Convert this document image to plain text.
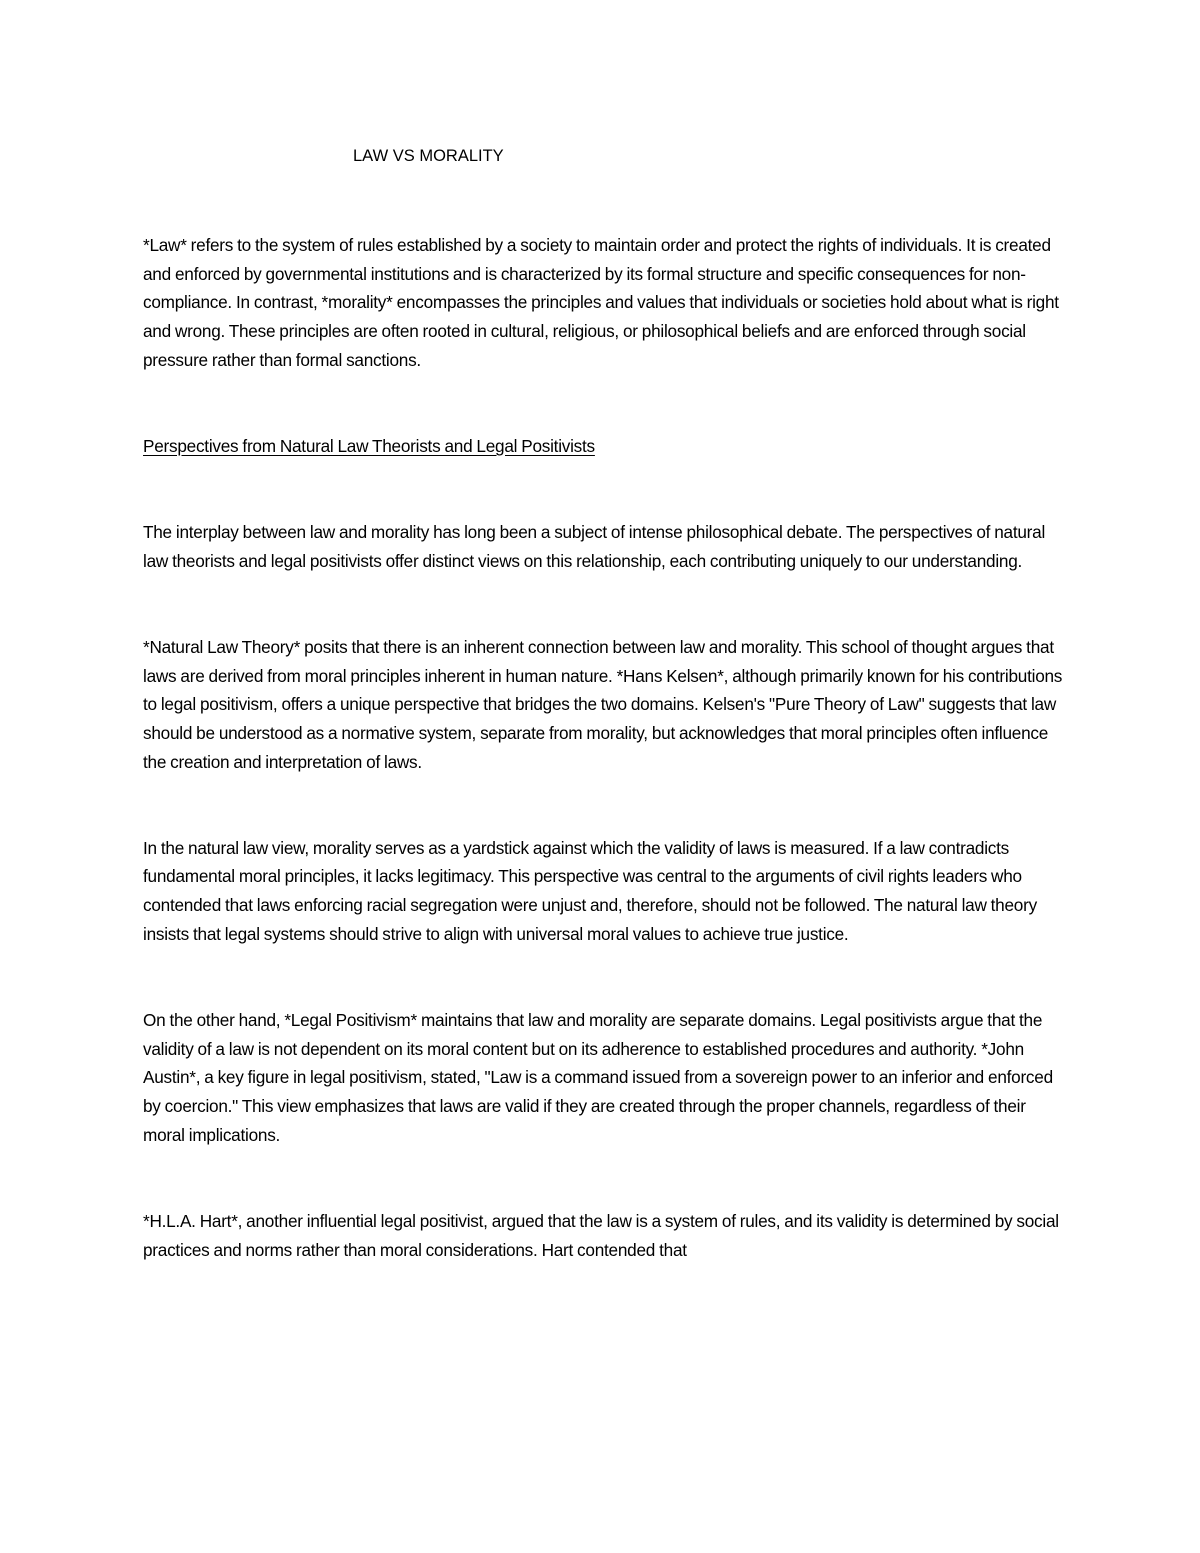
LAW VS MORALITY

*Law* refers to the system of rules established by a society to maintain order and protect the rights of individuals. It is created and enforced by governmental institutions and is characterized by its formal structure and specific consequences for non-compliance. In contrast, *morality* encompasses the principles and values that individuals or societies hold about what is right and wrong. These principles are often rooted in cultural, religious, or philosophical beliefs and are enforced through social pressure rather than formal sanctions.

Perspectives from Natural Law Theorists and Legal Positivists

The interplay between law and morality has long been a subject of intense philosophical debate. The perspectives of natural law theorists and legal positivists offer distinct views on this relationship, each contributing uniquely to our understanding.

*Natural Law Theory* posits that there is an inherent connection between law and morality. This school of thought argues that laws are derived from moral principles inherent in human nature. *Hans Kelsen*, although primarily known for his contributions to legal positivism, offers a unique perspective that bridges the two domains. Kelsen's "Pure Theory of Law" suggests that law should be understood as a normative system, separate from morality, but acknowledges that moral principles often influence the creation and interpretation of laws.

In the natural law view, morality serves as a yardstick against which the validity of laws is measured. If a law contradicts fundamental moral principles, it lacks legitimacy. This perspective was central to the arguments of civil rights leaders who contended that laws enforcing racial segregation were unjust and, therefore, should not be followed. The natural law theory insists that legal systems should strive to align with universal moral values to achieve true justice.

On the other hand, *Legal Positivism* maintains that law and morality are separate domains. Legal positivists argue that the validity of a law is not dependent on its moral content but on its adherence to established procedures and authority. *John Austin*, a key figure in legal positivism, stated, "Law is a command issued from a sovereign power to an inferior and enforced by coercion." This view emphasizes that laws are valid if they are created through the proper channels, regardless of their moral implications.

*H.L.A. Hart*, another influential legal positivist, argued that the law is a system of rules, and its validity is determined by social practices and norms rather than moral considerations. Hart contended that
